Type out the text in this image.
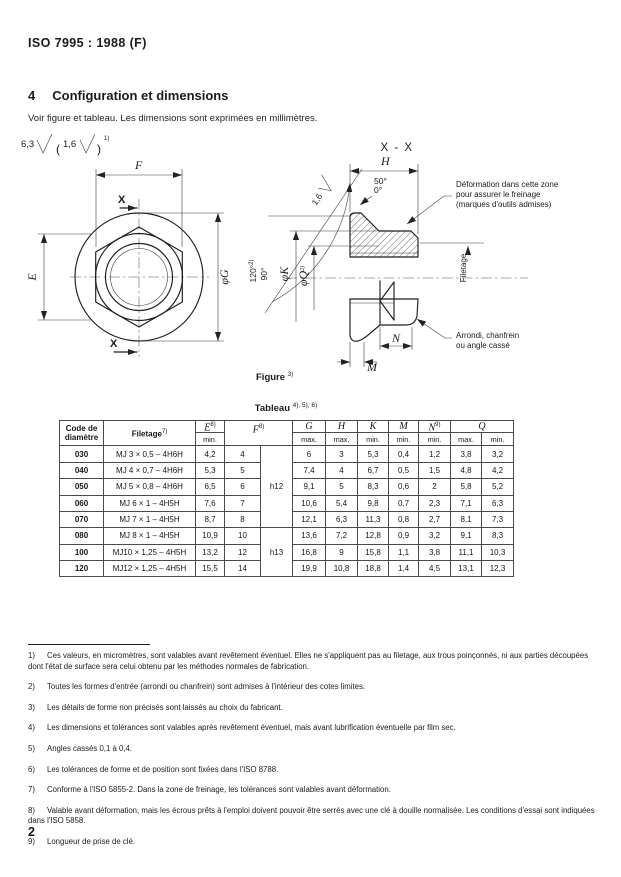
ISO 7995 : 1988 (F)
4 Configuration et dimensions
Voir figure et tableau. Les dimensions sont exprimées en millimètres.
6,3 ( 1,6 )
1)
F
E	φG
X
X
X - X
H
50°
0°
120°$^{2)}$
90°
1,6
φK $\varphi Q^{2)}$	Filetage
N
M
Déformation dans cette zone
pour assurer le freinage
(marques d'outils admises)
Arrondi, chanfrein
ou angle cassé
Figure $^{3)}$
Tableau $^{4), 5), 6)}$
Code de diamètre	Filetage$^{7)}$	$E^{8)}$	$F^{8)}$		G	H	K	M	$N^{9)}$	Q	
		min.			max.	max.	min.	min.	min.	max.	min.
030	MJ 3 × 0,5 – 4H6H	4,2	4	h12	6	3	5,3	0,4	1,2	3,8	3,2
040	MJ 4 × 0,7 – 4H6H	5,3	5		7,4	4	6,7	0,5	1,5	4,8	4,2
050	MJ 5 × 0,8 – 4H6H	6,5	6		9,1	5	8,3	0,6	2	5,8	5,2
060	MJ 6 × 1 – 4H5H	7,6	7		10,6	5,4	9,8	0,7	2,3	7,1	6,3
070	MJ 7 × 1 – 4H5H	8,7	8		12,1	6,3	11,3	0,8	2,7	8,1	7,3
080	MJ 8 × 1 – 4H5H	10,9	10	h13	13,6	7,2	12,8	0,9	3,2	9,1	8,3
100	MJ10 × 1,25 – 4H5H	13,2	12		16,8	9	15,8	1,1	3,8	11,1	10,3
120	MJ12 × 1,25 – 4H5H	15,5	14		19,9	10,8	18,8	1,4	4,5	13,1	12,3
1) Ces valeurs, en micromètres, sont valables avant revêtement éventuel. Elles ne s'appliquent pas au filetage, aux trous poinçonnés, ni aux parties découpées dont l'état de surface sera celui obtenu par les méthodes normales de fabrication.
2) Toutes les formes d'entrée (arrondi ou chanfrein) sont admises à l'intérieur des cotes limites.
3) Les détails de forme non précisés sont laissés au choix du fabricant.
4) Les dimensions et tolérances sont valables après revêtement éventuel, mais avant lubrification éventuelle par film sec.
5) Angles cassés 0,1 à 0,4.
6) Les tolérances de forme et de position sont fixées dans l'ISO 8788.
7) Conforme à l'ISO 5855-2. Dans la zone de freinage, les tolérances sont valables avant déformation.
8) Valable avant déformation, mais les écrous prêts à l'emploi doivent pouvoir être serrés avec une clé à douille normalisée. Les conditions d'essai sont indiquées dans l'ISO 5858.
9) Longueur de prise de clé.
2
